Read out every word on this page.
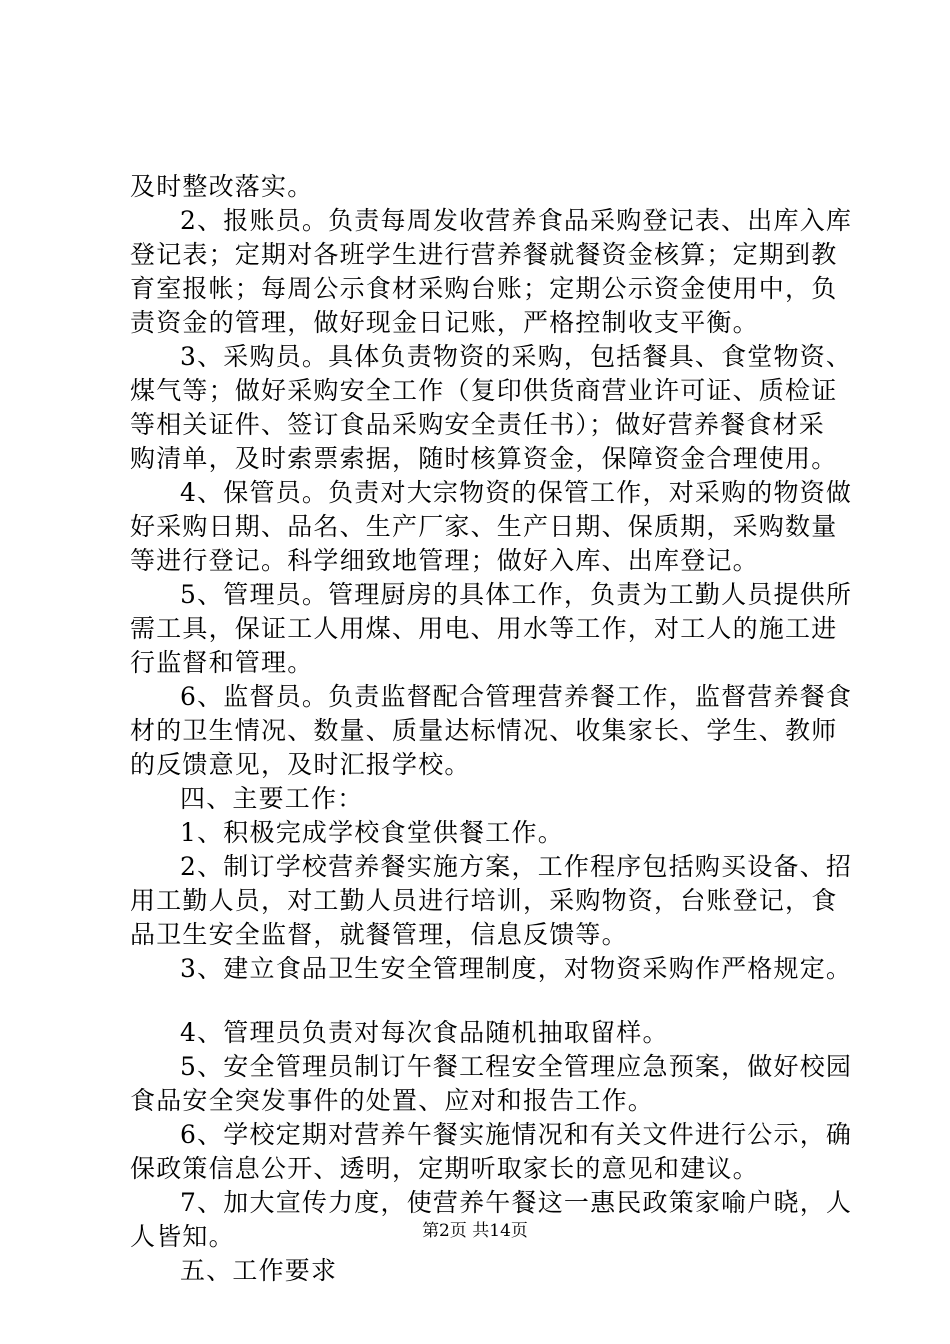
及时整改落实。
2、报账员。负责每周发收营养食品采购登记表、出库入库
登记表；定期对各班学生进行营养餐就餐资金核算；定期到教
育室报帐；每周公示食材采购台账；定期公示资金使用中，负
责资金的管理，做好现金日记账，严格控制收支平衡。
3、采购员。具体负责物资的采购，包括餐具、食堂物资、
煤气等；做好采购安全工作（复印供货商营业许可证、质检证
等相关证件、签订食品采购安全责任书）；做好营养餐食材采
购清单，及时索票索据，随时核算资金，保障资金合理使用。
4、保管员。负责对大宗物资的保管工作，对采购的物资做
好采购日期、品名、生产厂家、生产日期、保质期，采购数量
等进行登记。科学细致地管理；做好入库、出库登记。
5、管理员。管理厨房的具体工作，负责为工勤人员提供所
需工具，保证工人用煤、用电、用水等工作，对工人的施工进
行监督和管理。
6、监督员。负责监督配合管理营养餐工作，监督营养餐食
材的卫生情况、数量、质量达标情况、收集家长、学生、教师
的反馈意见，及时汇报学校。
四、主要工作：
1、积极完成学校食堂供餐工作。
2、制订学校营养餐实施方案，工作程序包括购买设备、招
用工勤人员，对工勤人员进行培训，采购物资，台账登记，食
品卫生安全监督，就餐管理，信息反馈等。
3、建立食品卫生安全管理制度，对物资采购作严格规定。
4、管理员负责对每次食品随机抽取留样。
5、安全管理员制订午餐工程安全管理应急预案，做好校园
食品安全突发事件的处置、应对和报告工作。
6、学校定期对营养午餐实施情况和有关文件进行公示，确
保政策信息公开、透明，定期听取家长的意见和建议。
7、加大宣传力度，使营养午餐这一惠民政策家喻户晓，人
人皆知。
五、工作要求
第2页 共14页
